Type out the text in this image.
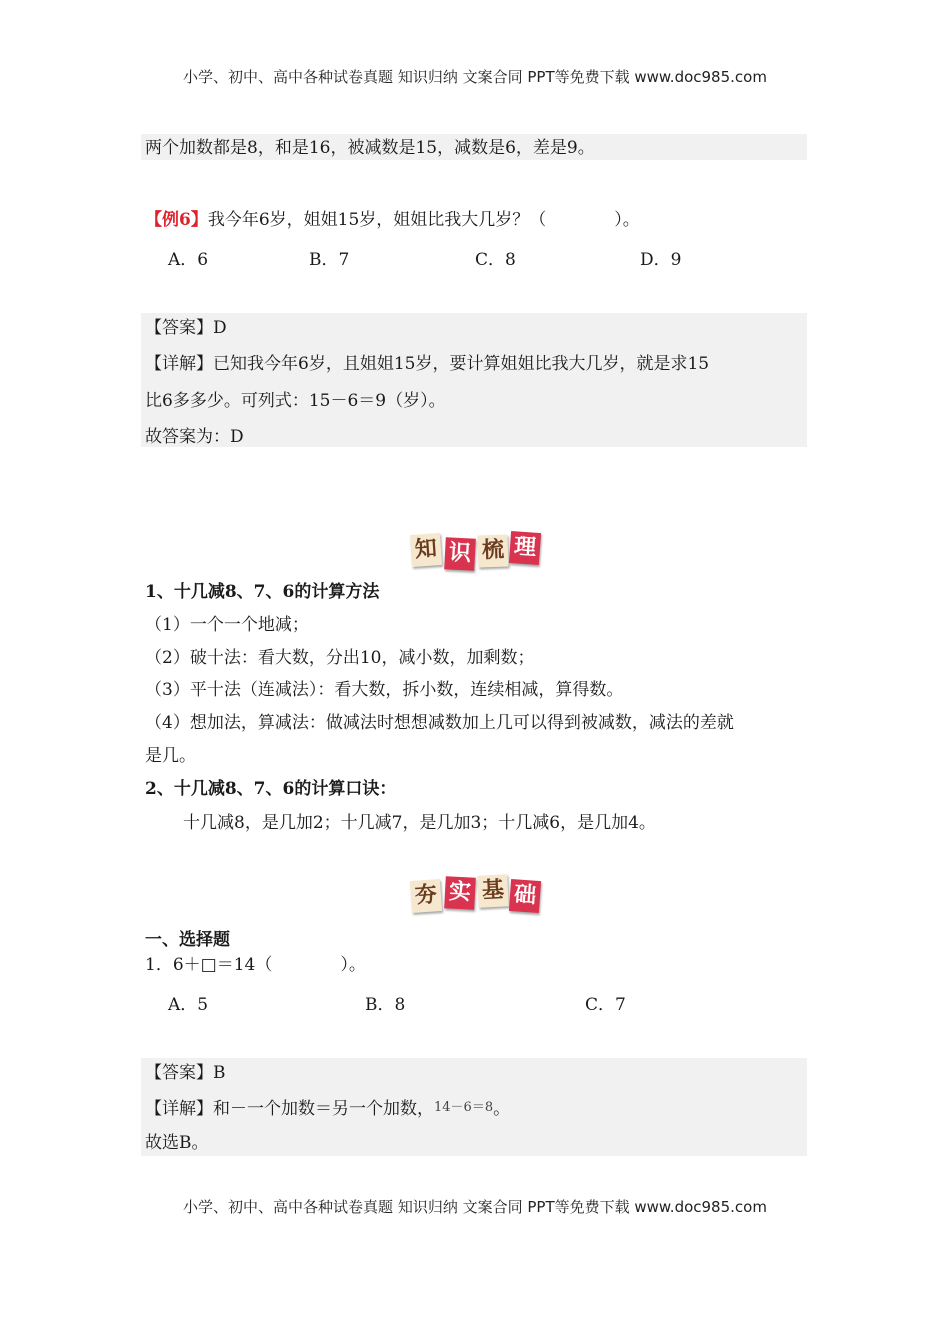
小学、初中、高中各种试卷真题 知识归纳 文案合同 PPT等免费下载 www.doc985.com
两个加数都是8，和是16，被减数是15，减数是6，差是9。
【例6】我今年6岁，姐姐15岁，姐姐比我大几岁？（　　　　）。
A．6	B．7	C．8	D．9
【答案】D
【详解】已知我今年6岁，且姐姐15岁，要计算姐姐比我大几岁，就是求15
比6多多少。可列式：15－6＝9（岁）。
故答案为：D
知 识 梳 理
1、十几减8、7、6的计算方法
（1）一个一个地减；
（2）破十法：看大数，分出10，减小数，加剩数；
（3）平十法（连减法）：看大数，拆小数，连续相减，算得数。
（4）想加法，算减法：做减法时想想减数加上几可以得到被减数，减法的差就
是几。
2、十几减8、7、6的计算口诀：
十几减8，是几加2；十几减7，是几加3；十几减6，是几加4。
夯 实 基 础
一、选择题
1．6＋□＝14（　　　　）。
A．5	B．8	C．7
【答案】B
【详解】和－一个加数＝另一个加数，14－6＝8。
故选B。
小学、初中、高中各种试卷真题 知识归纳 文案合同 PPT等免费下载 www.doc985.com
